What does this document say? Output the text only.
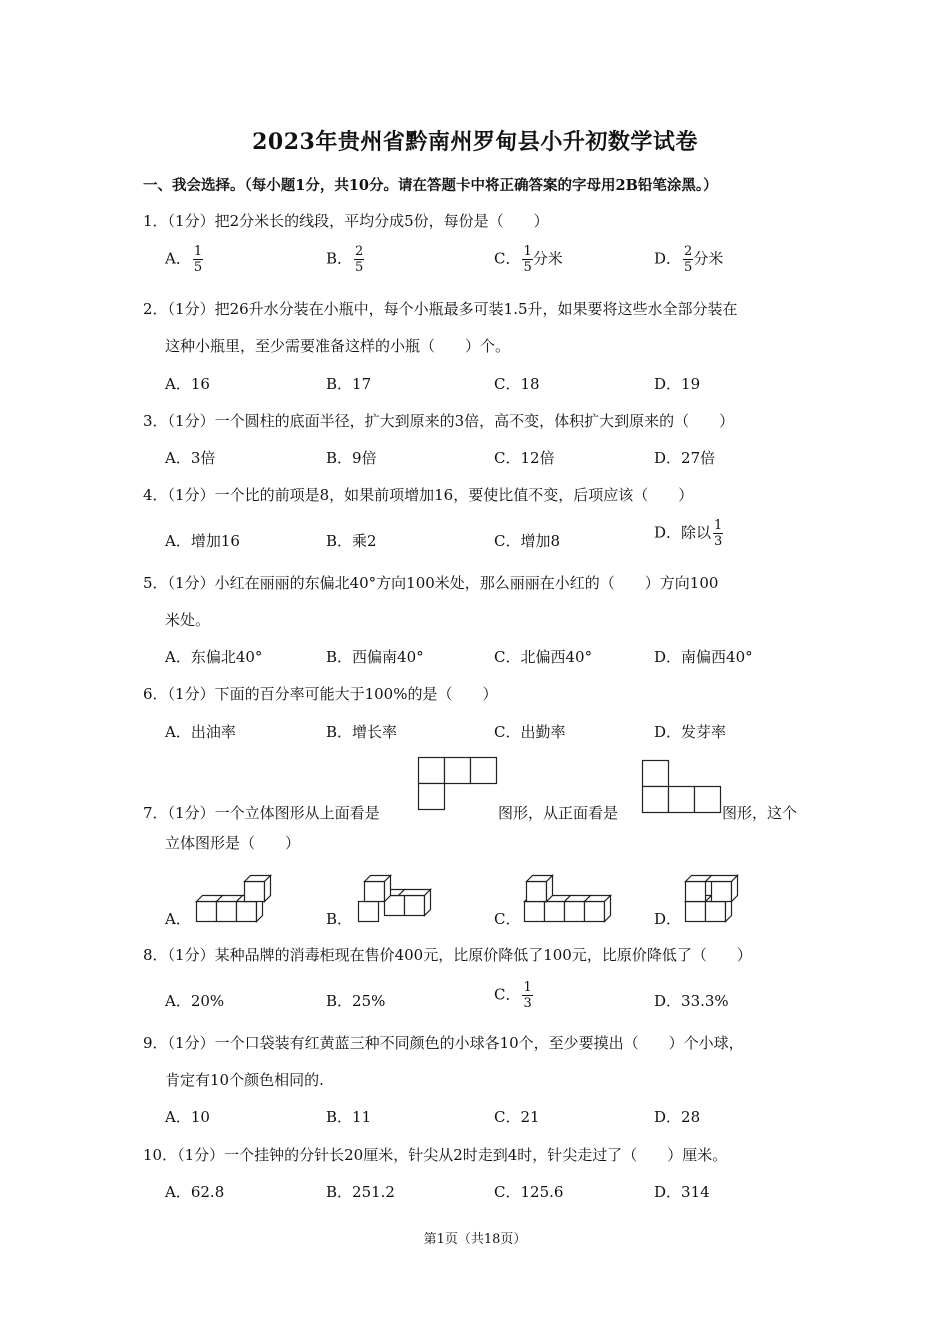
2023年贵州省黔南州罗甸县小升初数学试卷
一、我会选择。（每小题1分，共10分。请在答题卡中将正确答案的字母用2B铅笔涂黑。）
1．（1分）把2分米长的线段，平均分成5份，每份是（　　）
A． $\frac{1}{5}$	B． $\frac{2}{5}$	C． $\frac{1}{5}$ 分米	D． $\frac{2}{5}$ 分米
2．（1分）把26升水分装在小瓶中，每个小瓶最多可装1.5升，如果要将这些水全部分装在
这种小瓶里，至少需要准备这样的小瓶（　　）个。
A．16	B．17	C．18	D．19
3．（1分）一个圆柱的底面半径，扩大到原来的3倍，高不变，体积扩大到原来的（　　）
A．3倍	B．9倍	C．12倍	D．27倍
4．（1分）一个比的前项是8，如果前项增加16，要使比值不变，后项应该（　　）
A．增加16	B．乘2	C．增加8	D．除以 $\frac{1}{3}$
5．（1分）小红在丽丽的东偏北40°方向100米处，那么丽丽在小红的（　　）方向100
米处。
A．东偏北40°	B．西偏南40°	C．北偏西40°	D．南偏西40°
6．（1分）下面的百分率可能大于100%的是（　　）
A．出油率	B．增长率	C．出勤率	D．发芽率
7．（1分）一个立体图形从上面看是	图形，从正面看是	图形，这个
立体图形是（　　）
A．	B．	C．	D．
8．（1分）某种品牌的消毒柜现在售价400元，比原价降低了100元，比原价降低了（　　）
A．20%	B．25%	C． $\frac{1}{3}$	D．33.3%
9．（1分）一个口袋装有红黄蓝三种不同颜色的小球各10个，至少要摸出（　　）个小球，
肯定有10个颜色相同的.
A．10	B．11	C．21	D．28
10．（1分）一个挂钟的分针长20厘米，针尖从2时走到4时，针尖走过了（　　）厘米。
A．62.8	B．251.2	C．125.6	D．314
第1页（共18页）
